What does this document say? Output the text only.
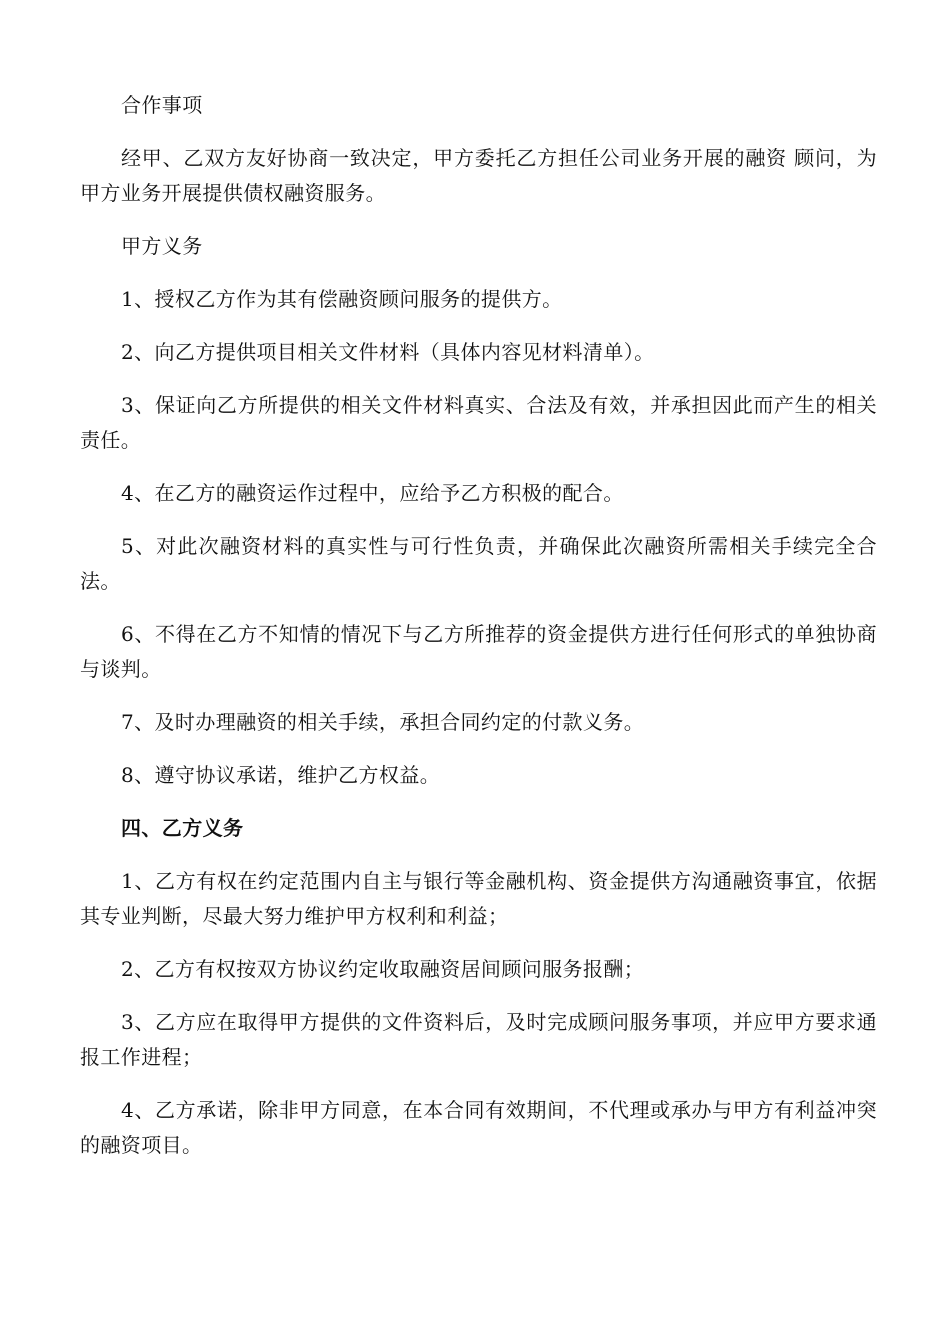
合作事项

经甲、乙双方友好协商一致决定，甲方委托乙方担任公司业务开展的融资 顾问，为甲方业务开展提供债权融资服务。

甲方义务

1、授权乙方作为其有偿融资顾问服务的提供方。

2、向乙方提供项目相关文件材料（具体内容见材料清单）。

3、保证向乙方所提供的相关文件材料真实、合法及有效，并承担因此而产生的相关责任。

4、在乙方的融资运作过程中，应给予乙方积极的配合。

5、对此次融资材料的真实性与可行性负责，并确保此次融资所需相关手续完全合法。

6、不得在乙方不知情的情况下与乙方所推荐的资金提供方进行任何形式的单独协商与谈判。

7、及时办理融资的相关手续，承担合同约定的付款义务。

8、遵守协议承诺，维护乙方权益。

四、乙方义务

1、乙方有权在约定范围内自主与银行等金融机构、资金提供方沟通融资事宜，依据其专业判断，尽最大努力维护甲方权利和利益；

2、乙方有权按双方协议约定收取融资居间顾问服务报酬；

3、乙方应在取得甲方提供的文件资料后，及时完成顾问服务事项，并应甲方要求通报工作进程；

4、乙方承诺，除非甲方同意，在本合同有效期间，不代理或承办与甲方有利益冲突的融资项目。
